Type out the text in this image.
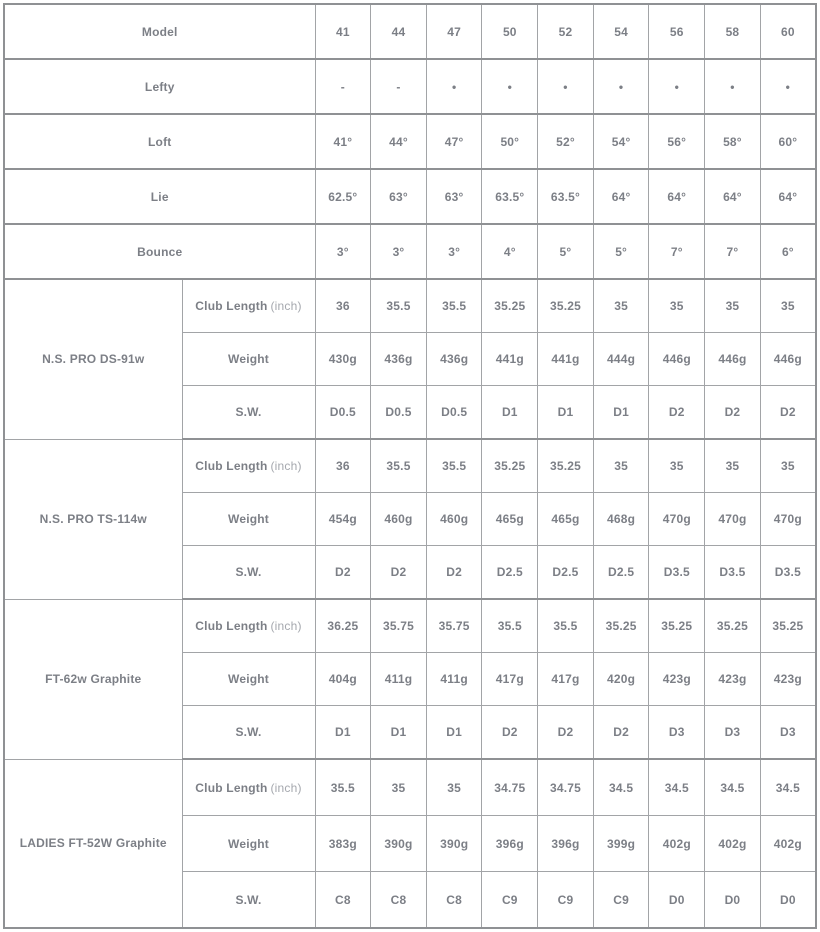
Model		41	44	47	50	52	54	56	58	60
Lefty		-	-	•	•	•	•	•	•	•
Loft		41°	44°	47°	50°	52°	54°	56°	58°	60°
Lie		62.5°	63°	63°	63.5°	63.5°	64°	64°	64°	64°
Bounce		3°	3°	3°	4°	5°	5°	7°	7°	6°
N.S. PRO DS-91w	Club Length (inch)	36	35.5	35.5	35.25	35.25	35	35	35	35
	Weight	430g	436g	436g	441g	441g	444g	446g	446g	446g
	S.W.	D0.5	D0.5	D0.5	D1	D1	D1	D2	D2	D2
N.S. PRO TS-114w	Club Length (inch)	36	35.5	35.5	35.25	35.25	35	35	35	35
	Weight	454g	460g	460g	465g	465g	468g	470g	470g	470g
	S.W.	D2	D2	D2	D2.5	D2.5	D2.5	D3.5	D3.5	D3.5
FT-62w Graphite	Club Length (inch)	36.25	35.75	35.75	35.5	35.5	35.25	35.25	35.25	35.25
	Weight	404g	411g	411g	417g	417g	420g	423g	423g	423g
	S.W.	D1	D1	D1	D2	D2	D2	D3	D3	D3
LADIES FT-52W Graphite	Club Length (inch)	35.5	35	35	34.75	34.75	34.5	34.5	34.5	34.5
	Weight	383g	390g	390g	396g	396g	399g	402g	402g	402g
	S.W.	C8	C8	C8	C9	C9	C9	D0	D0	D0
